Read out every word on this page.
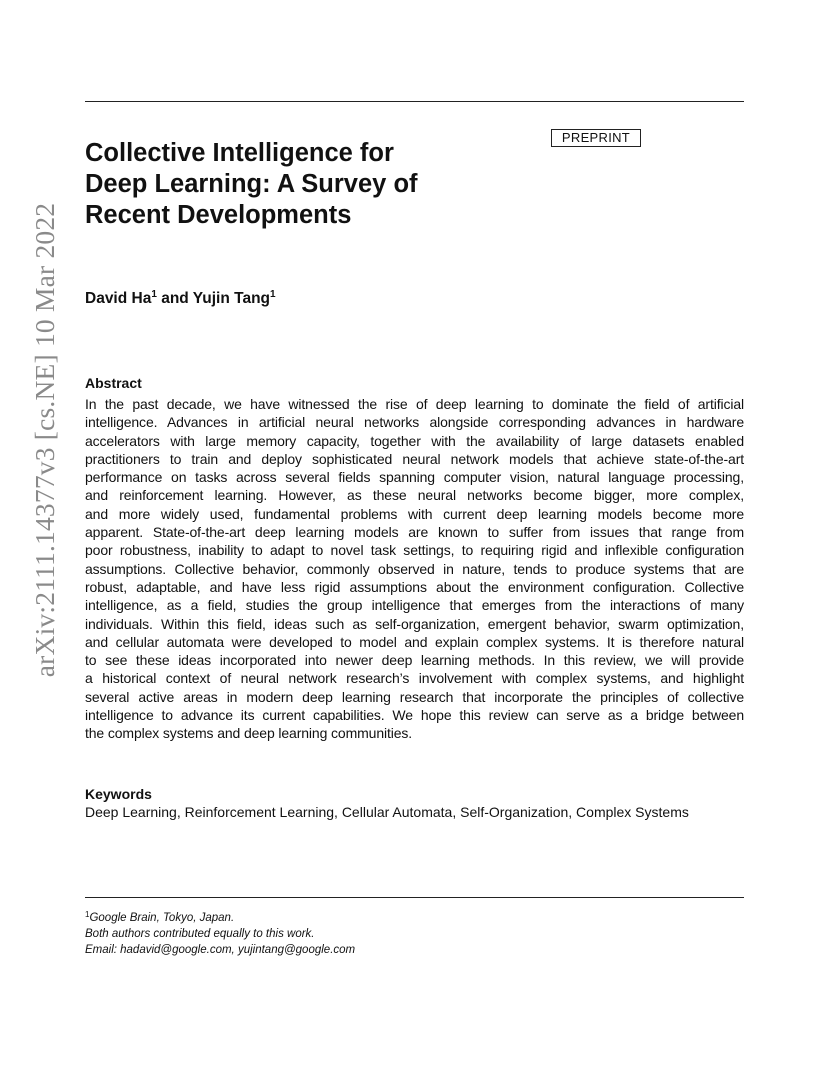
arXiv:2111.14377v3 [cs.NE] 10 Mar 2022
PREPRINT
Collective Intelligence for
Deep Learning: A Survey of
Recent Developments
David Ha$^1$ and Yujin Tang$^1$
Abstract
In the past decade, we have witnessed the rise of deep learning to dominate the field of artificial
intelligence. Advances in artificial neural networks alongside corresponding advances in hardware
accelerators with large memory capacity, together with the availability of large datasets enabled
practitioners to train and deploy sophisticated neural network models that achieve state-of-the-art
performance on tasks across several fields spanning computer vision, natural language processing,
and reinforcement learning. However, as these neural networks become bigger, more complex,
and more widely used, fundamental problems with current deep learning models become more
apparent. State-of-the-art deep learning models are known to suffer from issues that range from
poor robustness, inability to adapt to novel task settings, to requiring rigid and inflexible configuration
assumptions. Collective behavior, commonly observed in nature, tends to produce systems that are
robust, adaptable, and have less rigid assumptions about the environment configuration. Collective
intelligence, as a field, studies the group intelligence that emerges from the interactions of many
individuals. Within this field, ideas such as self-organization, emergent behavior, swarm optimization,
and cellular automata were developed to model and explain complex systems. It is therefore natural
to see these ideas incorporated into newer deep learning methods. In this review, we will provide
a historical context of neural network research’s involvement with complex systems, and highlight
several active areas in modern deep learning research that incorporate the principles of collective
intelligence to advance its current capabilities. We hope this review can serve as a bridge between
the complex systems and deep learning communities.
Keywords

Deep Learning, Reinforcement Learning, Cellular Automata, Self-Organization, Complex Systems

$^1$Google Brain, Tokyo, Japan.
Both authors contributed equally to this work.
Email: hadavid@google.com, yujintang@google.com
